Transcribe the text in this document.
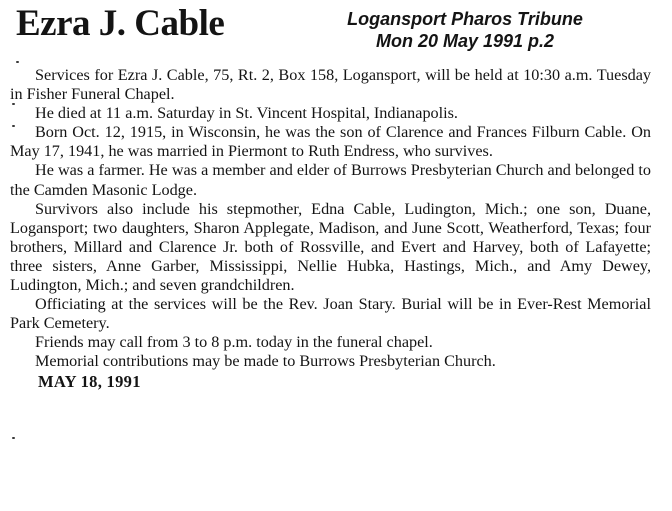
Ezra J. Cable	Logansport Pharos Tribune
Mon 20 May 1991 p.2

Services for Ezra J. Cable, 75, Rt. 2, Box 158, Logansport, will be held at 10:30 a.m. Tuesday in Fisher Funeral Chapel.

He died at 11 a.m. Saturday in St. Vincent Hospital, Indianapolis.

Born Oct. 12, 1915, in Wisconsin, he was the son of Clarence and Frances Filburn Cable. On May 17, 1941, he was married in Piermont to Ruth Endress, who survives.

He was a farmer. He was a member and elder of Burrows Presbyterian Church and belonged to the Camden Masonic Lodge.

Survivors also include his stepmother, Edna Cable, Ludington, Mich.; one son, Duane, Logansport; two daughters, Sharon Applegate, Madison, and June Scott, Weatherford, Texas; four brothers, Millard and Clarence Jr. both of Rossville, and Evert and Harvey, both of Lafayette; three sisters, Anne Garber, Mississippi, Nellie Hubka, Hastings, Mich., and Amy Dewey, Ludington, Mich.; and seven grandchildren.

Officiating at the services will be the Rev. Joan Stary. Burial will be in Ever-Rest Memorial Park Cemetery.

Friends may call from 3 to 8 p.m. today in the funeral chapel.

Memorial contributions may be made to Burrows Presbyterian Church.

MAY 18, 1991
